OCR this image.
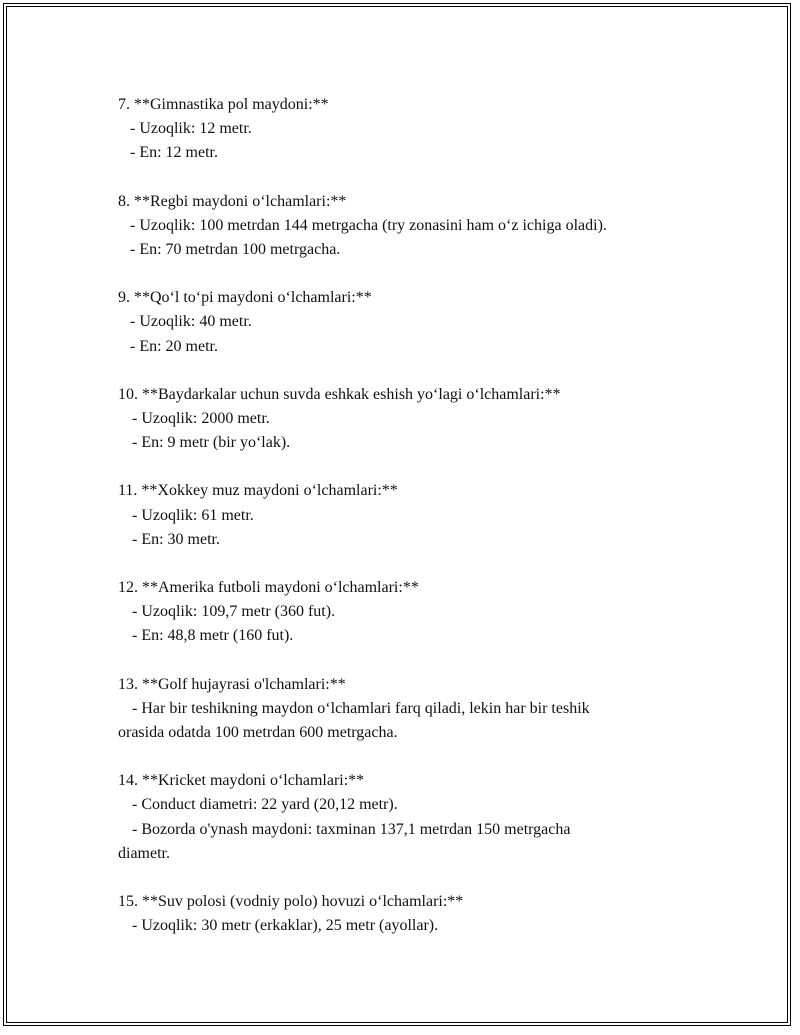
7. **Gimnastika pol maydoni:**
- Uzoqlik: 12 metr.
- En: 12 metr.
8. **Regbi maydoni o‘lchamlari:**
- Uzoqlik: 100 metrdan 144 metrgacha (try zonasini ham o‘z ichiga oladi).
- En: 70 metrdan 100 metrgacha.
9. **Qo‘l to‘pi maydoni o‘lchamlari:**
- Uzoqlik: 40 metr.
- En: 20 metr.
10. **Baydarkalar uchun suvda eshkak eshish yo‘lagi o‘lchamlari:**
- Uzoqlik: 2000 metr.
- En: 9 metr (bir yo‘lak).
11. **Xokkey muz maydoni o‘lchamlari:**
- Uzoqlik: 61 metr.
- En: 30 metr.
12. **Amerika futboli maydoni o‘lchamlari:**
- Uzoqlik: 109,7 metr (360 fut).
- En: 48,8 metr (160 fut).
13. **Golf hujayrasi o'lchamlari:**
- Har bir teshikning maydon o‘lchamlari farq qiladi, lekin har bir teshik
orasida odatda 100 metrdan 600 metrgacha.
14. **Kricket maydoni o‘lchamlari:**
- Conduct diametri: 22 yard (20,12 metr).
- Bozorda o'ynash maydoni: taxminan 137,1 metrdan 150 metrgacha
diametr.
15. **Suv polosi (vodniy polo) hovuzi o‘lchamlari:**
- Uzoqlik: 30 metr (erkaklar), 25 metr (ayollar).
